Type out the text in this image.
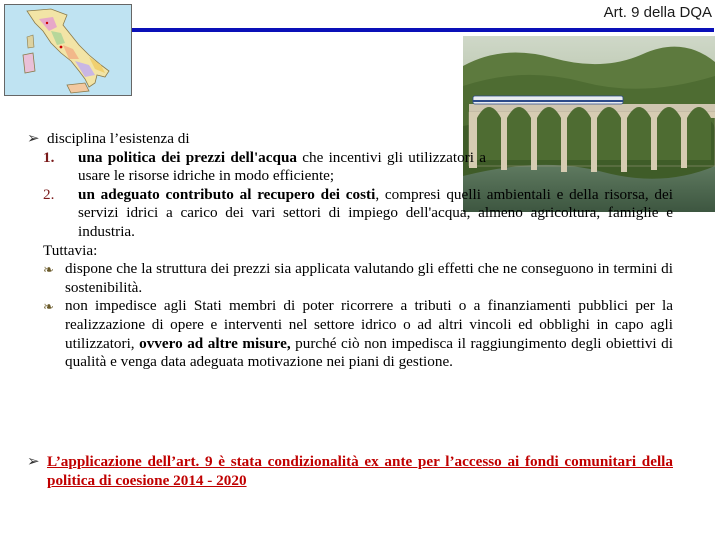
Art. 9 della DQA
➢ disciplina l’esistenza di
1. una politica dei prezzi dell'acqua che incentivi gli utilizzatori a usare le risorse idriche in modo efficiente;
2. un adeguato contributo al recupero dei costi, compresi quelli ambientali e della risorsa, dei servizi idrici a carico dei vari settori di impiego dell'acqua, almeno agricoltura, famiglie e industria.
Tuttavia:
❧ dispone che la struttura dei prezzi sia applicata valutando gli effetti che ne conseguono in termini di sostenibilità.
❧ non impedisce agli Stati membri di poter ricorrere a tributi o a finanziamenti pubblici per la realizzazione di opere e interventi nel settore idrico o ad altri vincoli ed obblighi in capo agli utilizzatori, ovvero ad altre misure, purché ciò non impedisca il raggiungimento degli obiettivi di qualità e venga data adeguata motivazione nei piani di gestione.
➢ L’applicazione dell’art. 9 è stata condizionalità ex ante per l’accesso ai fondi comunitari della politica di coesione 2014 - 2020
